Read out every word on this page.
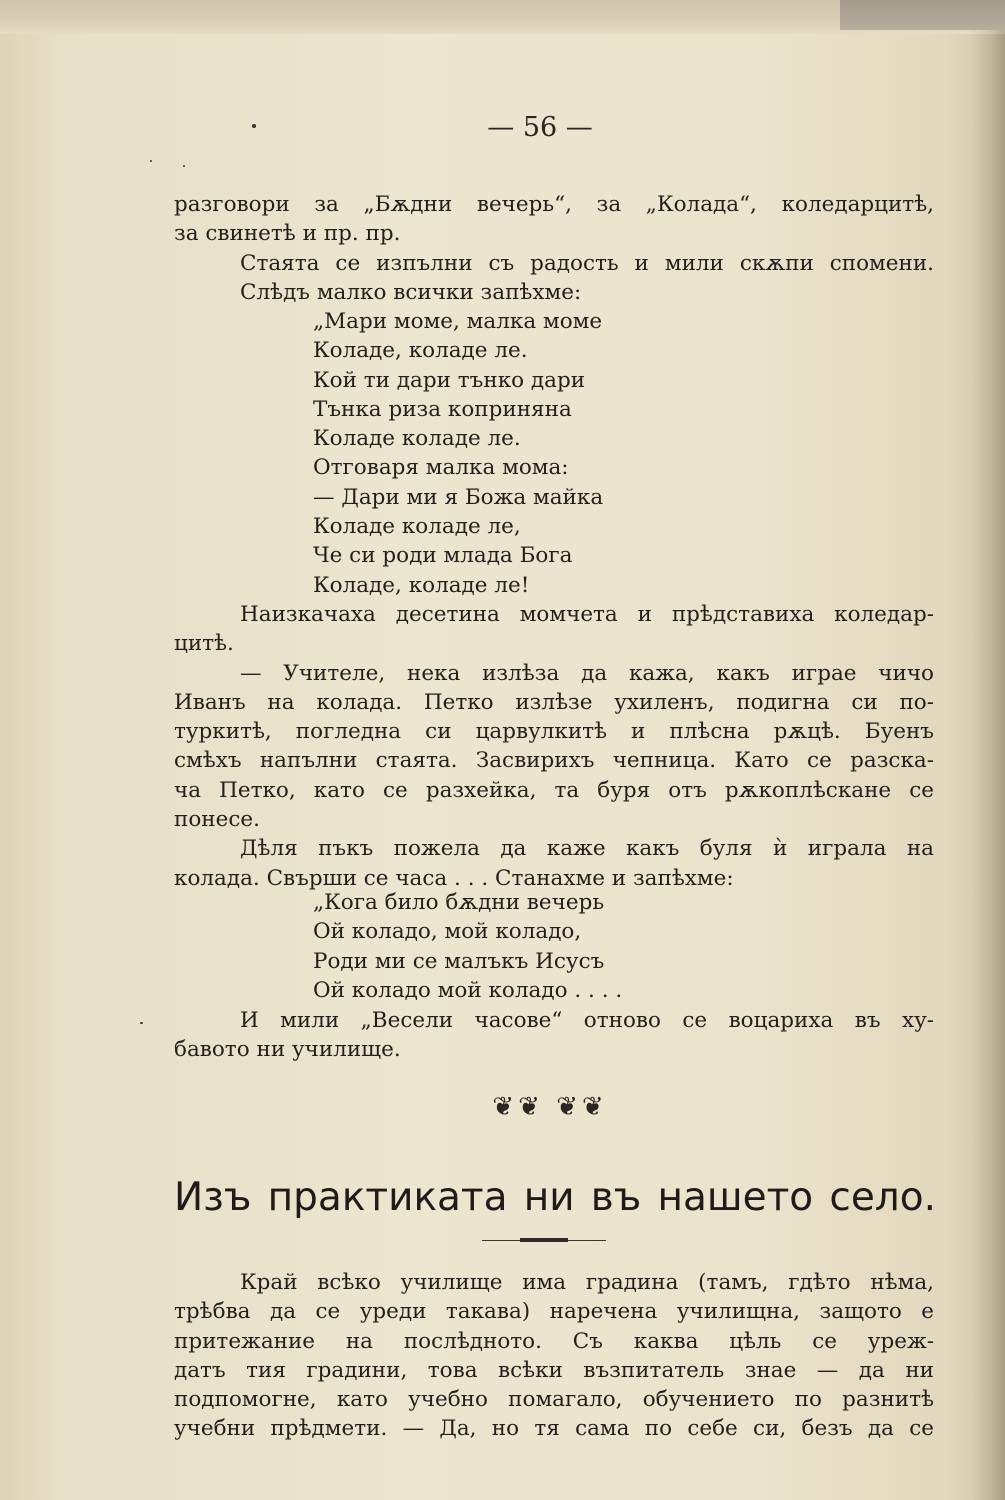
— 56 —
разговори за „Бѫдни вечерь“, за „Колада“, коледарцитѣ,
за свинетѣ и пр. пр.
Стаята се изпълни съ радость и мили скѫпи спомени.
Слѣдъ малко всички запѣхме:
„Мари моме, малка моме
Коладе, коладе ле.
Кой ти дари тънко дари
Тънка риза коприняна
Коладе коладе ле.
Отговаря малка мома:
— Дари ми я Божа майка
Коладе коладе ле,
Че си роди млада Бога
Коладе, коладе ле!
Наизкачаха десетина момчета и прѣдставиха коледар-
цитѣ.
— Учителе, нека излѣза да кажа, какъ играе чичо
Иванъ на колада. Петко излѣзе ухиленъ, подигна си по-
туркитѣ, погледна си царвулкитѣ и плѣсна рѫцѣ. Буенъ
смѣхъ напълни стаята. Засвирихъ чепница. Като се разска-
ча Петко, като се разхейка, та буря отъ рѫкоплѣскане се
понесе.
Дѣля пъкъ пожела да каже какъ буля ѝ играла на
колада. Свърши се часа . . . Станахме и запѣхме:
„Кога било бѫдни вечерь
Ой коладо, мой коладо,
Роди ми се малъкъ Исусъ
Ой коладо мой коладо . . . .
И мили „Весели часове“ отново се воцариха въ ху-
бавото ни училище.
❦❦ ❦❦
Изъ практиката ни въ нашето село.
Край всѣко училище има градина (тамъ, гдѣто нѣма,
трѣбва да се уреди такава) наречена училищна, защото е
притежание на послѣдното. Съ каква цѣль се уреж-
датъ тия градини, това всѣки възпитатель знае — да ни
подпомогне, като учебно помагало, обучението по разнитѣ
учебни прѣдмети. — Да, но тя сама по себе си, безъ да се
